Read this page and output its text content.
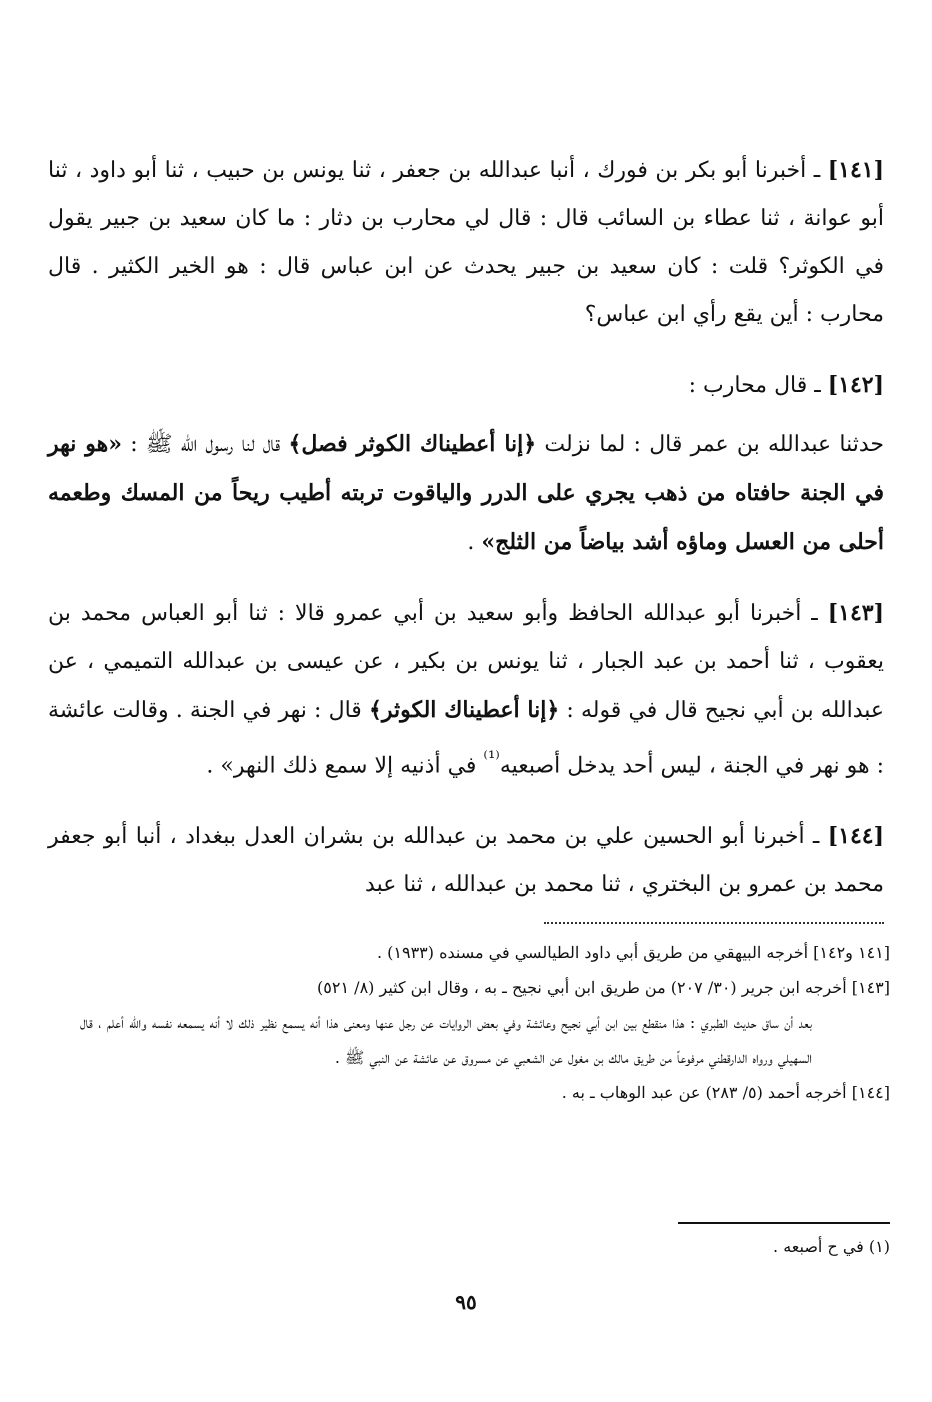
[١٤١] ـ أخبرنا أبو بكر بن فورك ، أنبا عبدالله بن جعفر ، ثنا يونس بن حبيب ، ثنا أبو داود ، ثنا أبو عوانة ، ثنا عطاء بن السائب قال : قال لي محارب بن دثار : ما كان سعيد بن جبير يقول في الكوثر؟ قلت : كان سعيد بن جبير يحدث عن ابن عباس قال : هو الخير الكثير . قال محارب : أين يقع رأي ابن عباس؟

[١٤٢] ـ قال محارب :

حدثنا عبدالله بن عمر قال : لما نزلت ﴿إنا أعطيناك الكوثر فصل﴾ قال لنا رسول الله ﷺ : «هو نهر في الجنة حافتاه من ذهب يجري على الدرر والياقوت تربته أطيب ريحاً من المسك وطعمه أحلى من العسل وماؤه أشد بياضاً من الثلج» .

[١٤٣] ـ أخبرنا أبو عبدالله الحافظ وأبو سعيد بن أبي عمرو قالا : ثنا أبو العباس محمد بن يعقوب ، ثنا أحمد بن عبد الجبار ، ثنا يونس بن بكير ، عن عيسى بن عبدالله التميمي ، عن عبدالله بن أبي نجيح قال في قوله : ﴿إنا أعطيناك الكوثر﴾ قال : نهر في الجنة . وقالت عائشة : هو نهر في الجنة ، ليس أحد يدخل أصبعيه$^{^{(1)}}$ في أذنيه إلا سمع ذلك النهر» .

[١٤٤] ـ أخبرنا أبو الحسين علي بن محمد بن عبدالله بن بشران العدل ببغداد ، أنبا أبو جعفر محمد بن عمرو بن البختري ، ثنا محمد بن عبدالله ، ثنا عبد

[١٤١ و١٤٢] أخرجه البيهقي من طريق أبي داود الطيالسي في مسنده (١٩٣٣) .

[١٤٣] أخرجه ابن جرير (٣٠/ ٢٠٧) من طريق ابن أبي نجيح ـ به ، وقال ابن كثير (٨/ ٥٢١)

بعد أن ساق حديث الطبري : هذا منقطع بين ابن أبي نجيح وعائشة وفي بعض الروايات عن رجل عنها ومعنى هذا أنه يسمع نظير ذلك لا أنه يسمعه نفسه والله أعلم ، قال السهيلي ورواه الدارقطني مرفوعاً من طريق مالك بن مغول عن الشعبي عن مسروق عن عائشة عن النبي ﷺ .

[١٤٤] أخرجه أحمد (٥/ ٢٨٣) عن عبد الوهاب ـ به .

(١) في ح أصبعه .

٩٥
